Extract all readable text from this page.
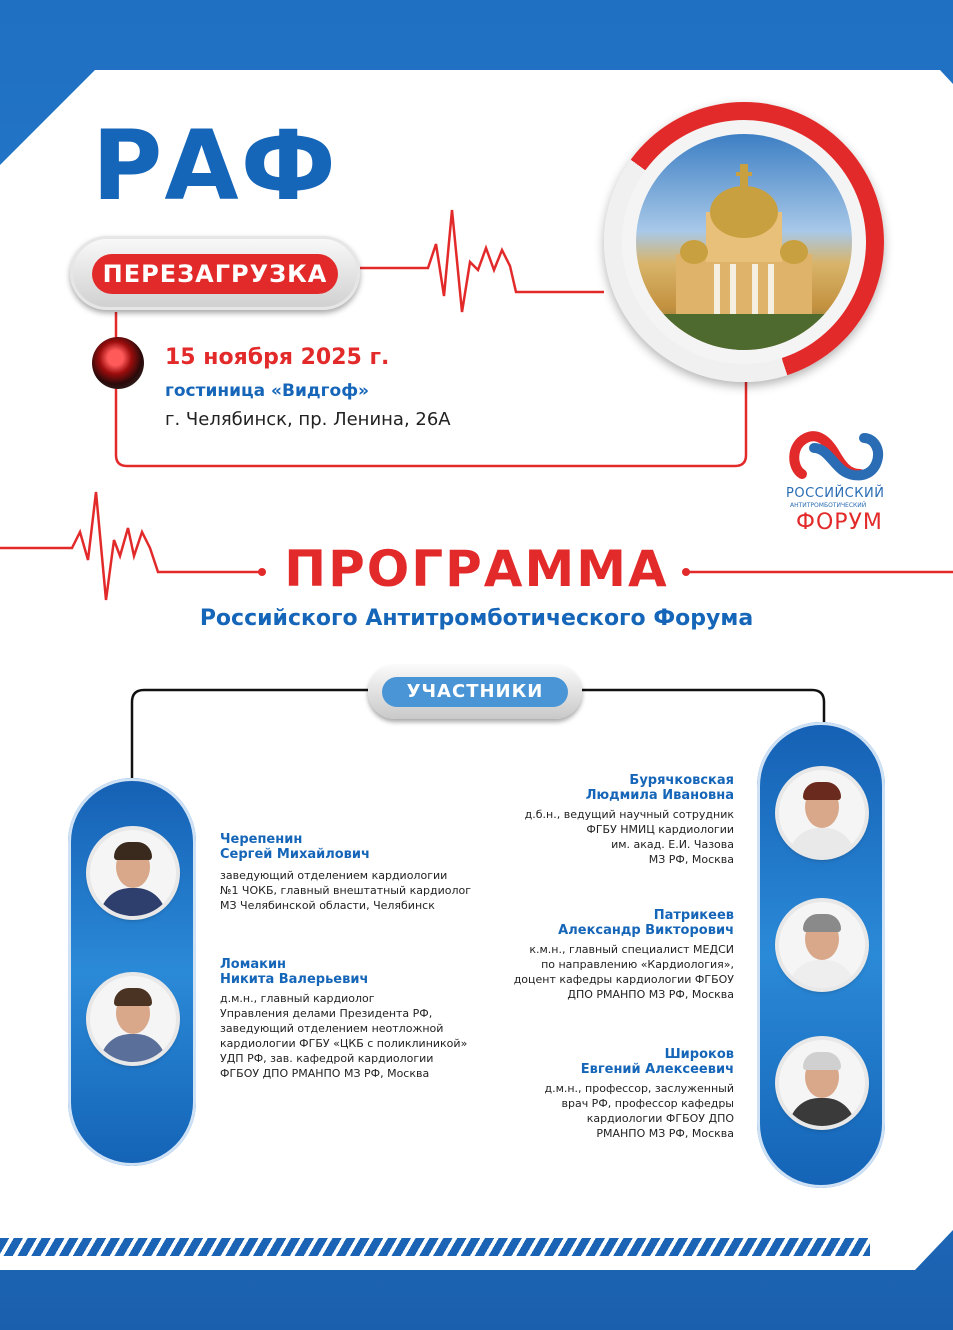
РАФ
ПЕРЕЗАГРУЗКА
15 ноября 2025 г.
гостиница «Видгоф»
г. Челябинск, пр. Ленина, 26А
РОССИЙСКИЙ
АНТИТРОМБОТИЧЕСКИЙ
ФОРУМ
ПРОГРАММА
Российского Антитромботического Форума
УЧАСТНИКИ
Черепенин
Сергей Михайлович
заведующий отделением кардиологии
№1 ЧОКБ, главный внештатный кардиолог
МЗ Челябинской области, Челябинск
Ломакин
Никита Валерьевич
д.м.н., главный кардиолог
Управления делами Президента РФ,
заведующий отделением неотложной
кардиологии ФГБУ «ЦКБ с поликлиникой»
УДП РФ, зав. кафедрой кардиологии
ФГБОУ ДПО РМАНПО МЗ РФ, Москва
Бурячковская
Людмила Ивановна
д.б.н., ведущий научный сотрудник
ФГБУ НМИЦ кардиологии
им. акад. Е.И. Чазова
МЗ РФ, Москва
Патрикеев
Александр Викторович
к.м.н., главный специалист МЕДСИ
по направлению «Кардиология»,
доцент кафедры кардиологии ФГБОУ
ДПО РМАНПО МЗ РФ, Москва
Широков
Евгений Алексеевич
д.м.н., профессор, заслуженный
врач РФ, профессор кафедры
кардиологии ФГБОУ ДПО
РМАНПО МЗ РФ, Москва
